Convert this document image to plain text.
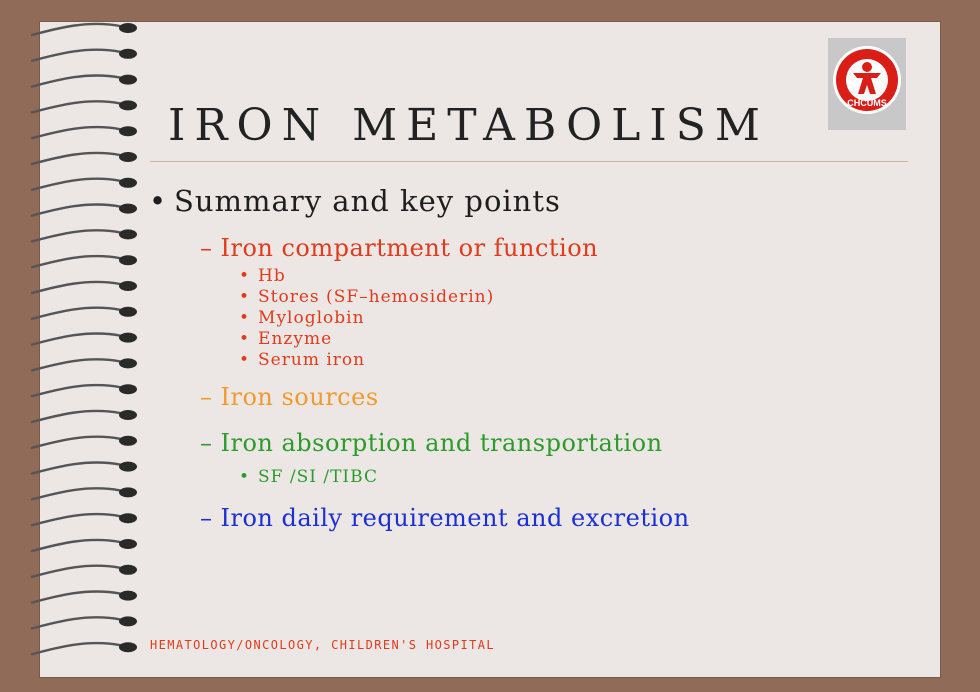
CHCUMS
IRON METABOLISM
• Summary and key points
– Iron compartment or function
• Hb
• Stores (SF–hemosiderin)
• Myloglobin
• Enzyme
• Serum iron
– Iron sources
– Iron absorption and transportation
• SF /SI /TIBC
– Iron daily requirement and excretion
HEMATOLOGY/ONCOLOGY, CHILDREN'S HOSPITAL
